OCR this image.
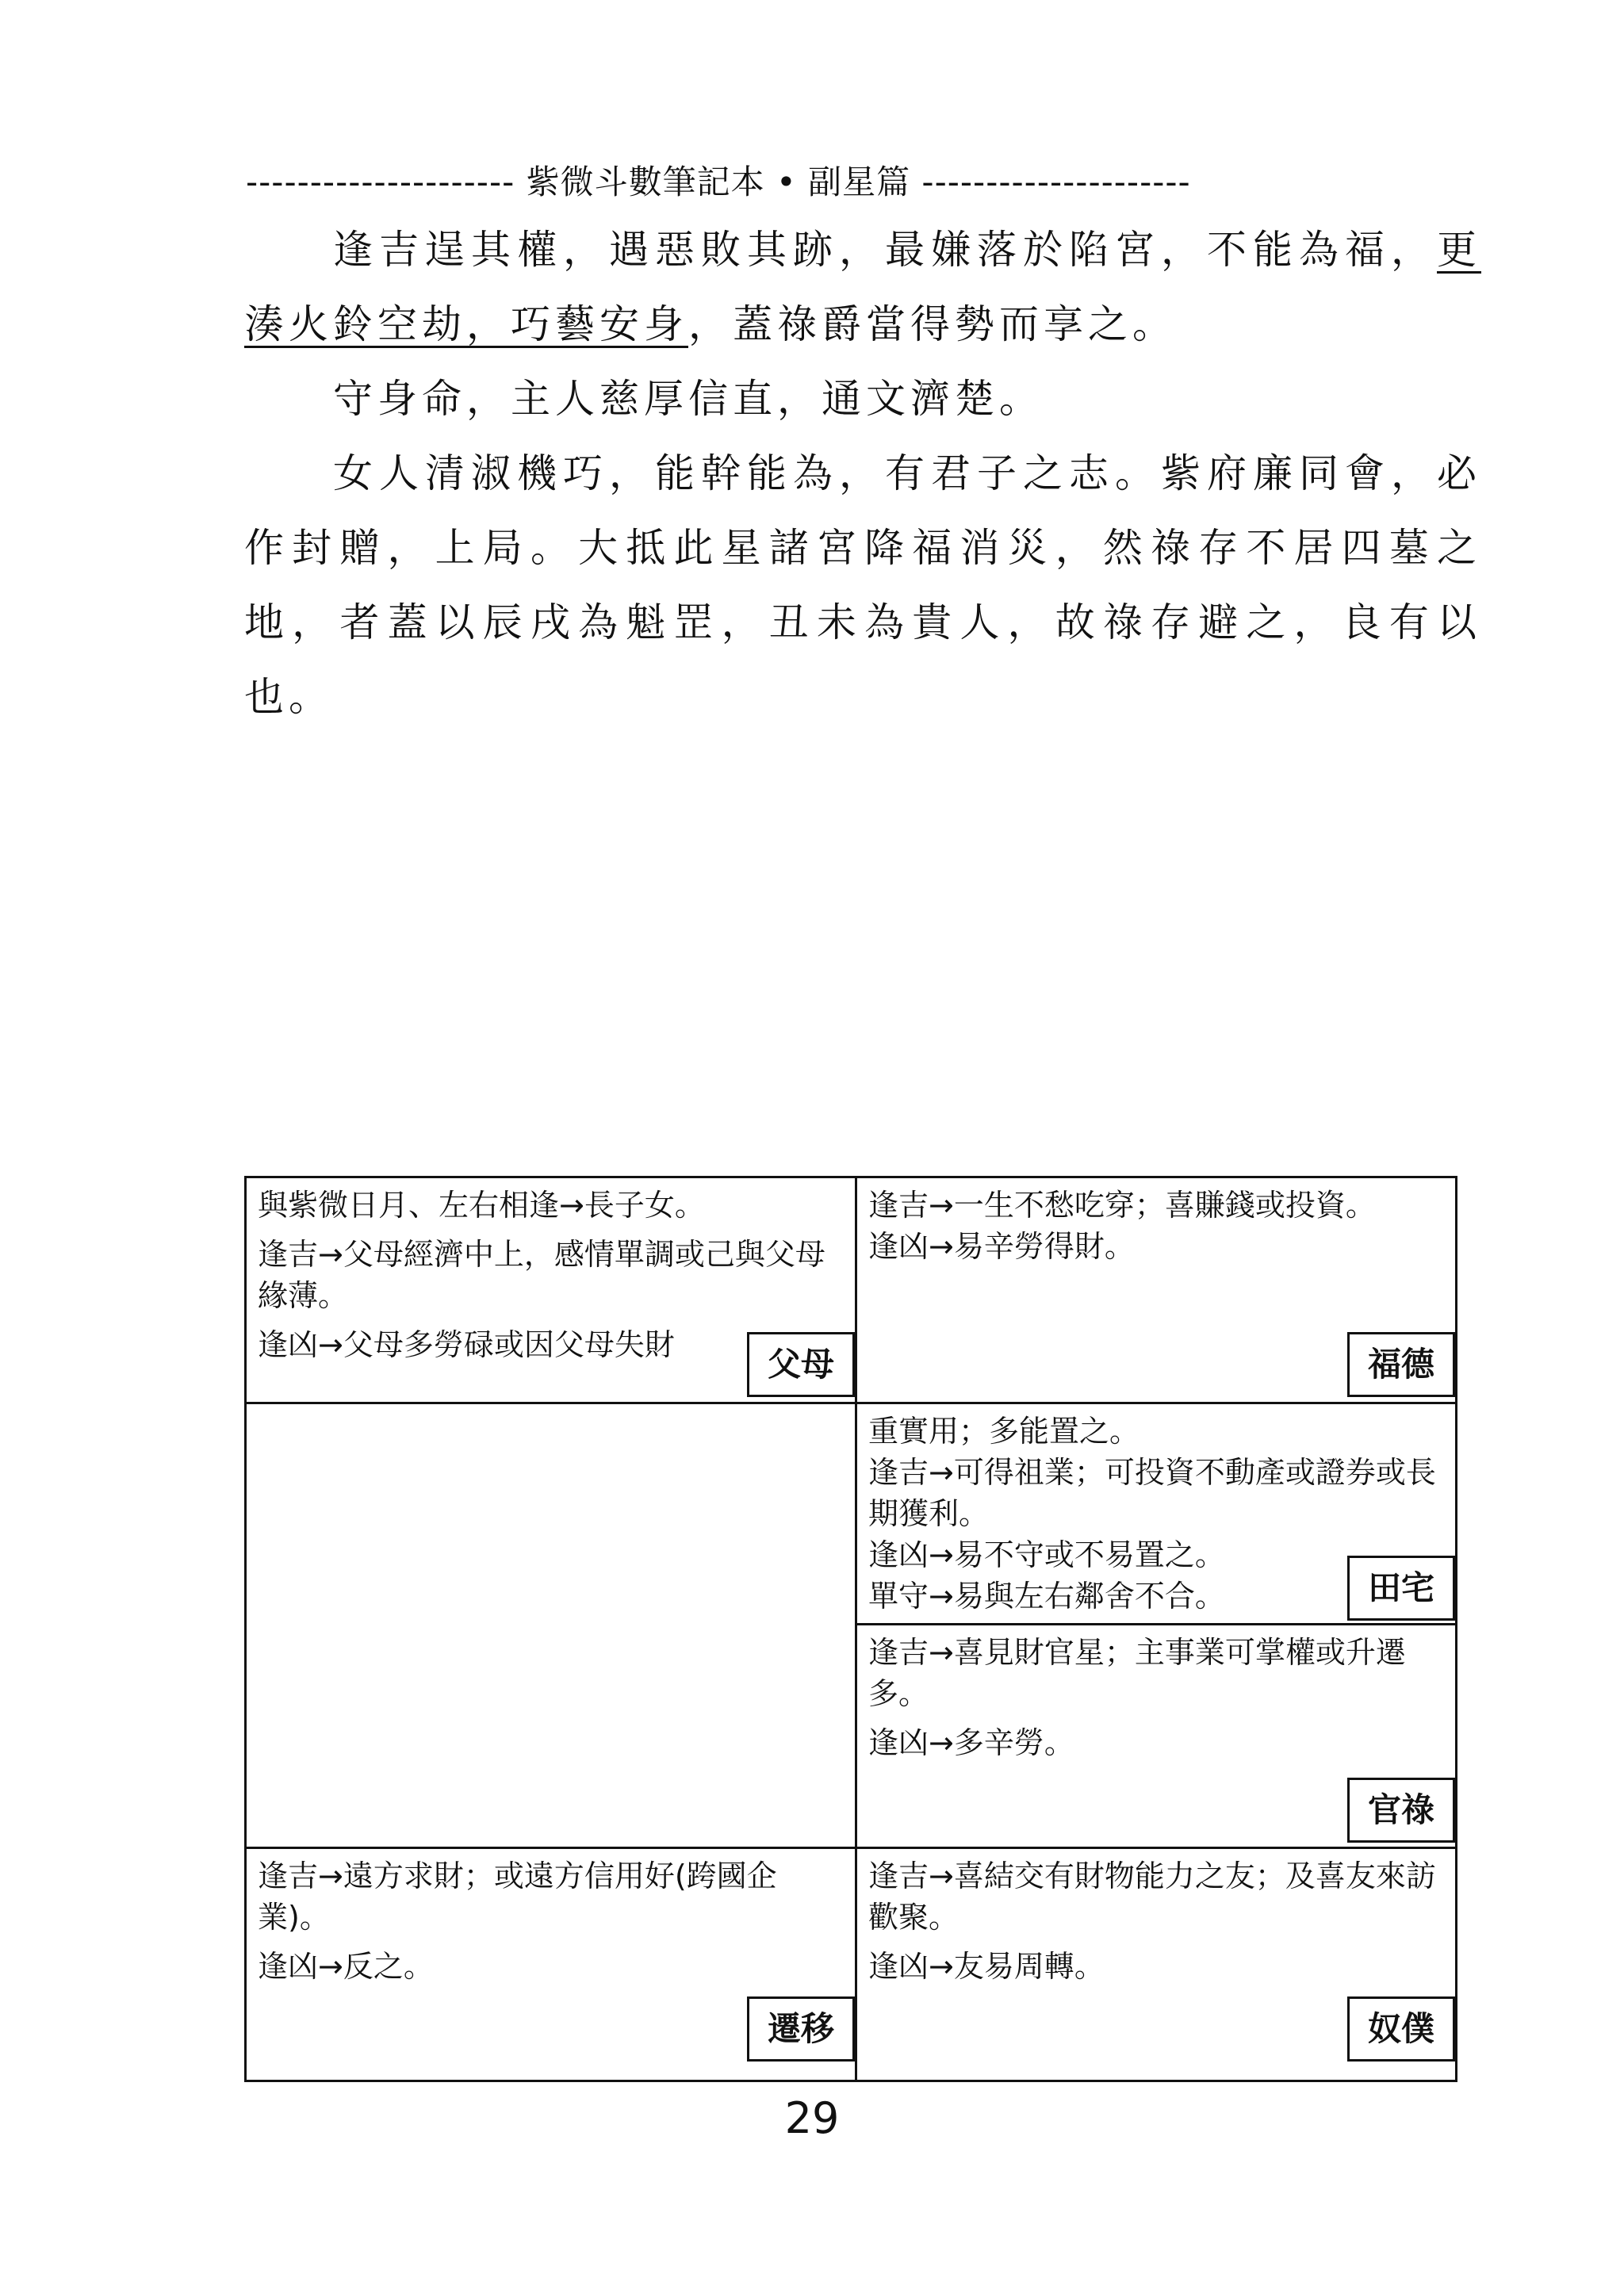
--------------------- 紫微斗數筆記本 • 副星篇 ---------------------

逢吉逞其權，遇惡敗其跡，最嫌落於陷宮，不能為福，更湊火鈴空劫，巧藝安身，蓋祿爵當得勢而享之。

守身命，主人慈厚信直，通文濟楚。

女人清淑機巧，能幹能為，有君子之志。紫府廉同會，必作封贈，上局。大抵此星諸宮降福消災，然祿存不居四墓之地，者蓋以辰戌為魁罡，丑未為貴人，故祿存避之，良有以也。

與紫微日月、左右相逢→長子女。
逢吉→父母經濟中上，感情單調或己與父母緣薄。
逢凶→父母多勞碌或因父母失財	父母
逢吉→一生不愁吃穿；喜賺錢或投資。
逢凶→易辛勞得財。
福德
重實用；多能置之。
逢吉→可得祖業；可投資不動產或證券或長期獲利。
逢凶→易不守或不易置之。
單守→易與左右鄰舍不合。	田宅
逢吉→喜見財官星；主事業可掌權或升遷多。
逢凶→多辛勞。
官祿
逢吉→遠方求財；或遠方信用好(跨國企業)。
逢凶→反之。
遷移
逢吉→喜結交有財物能力之友；及喜友來訪歡聚。
逢凶→友易周轉。
奴僕
29
